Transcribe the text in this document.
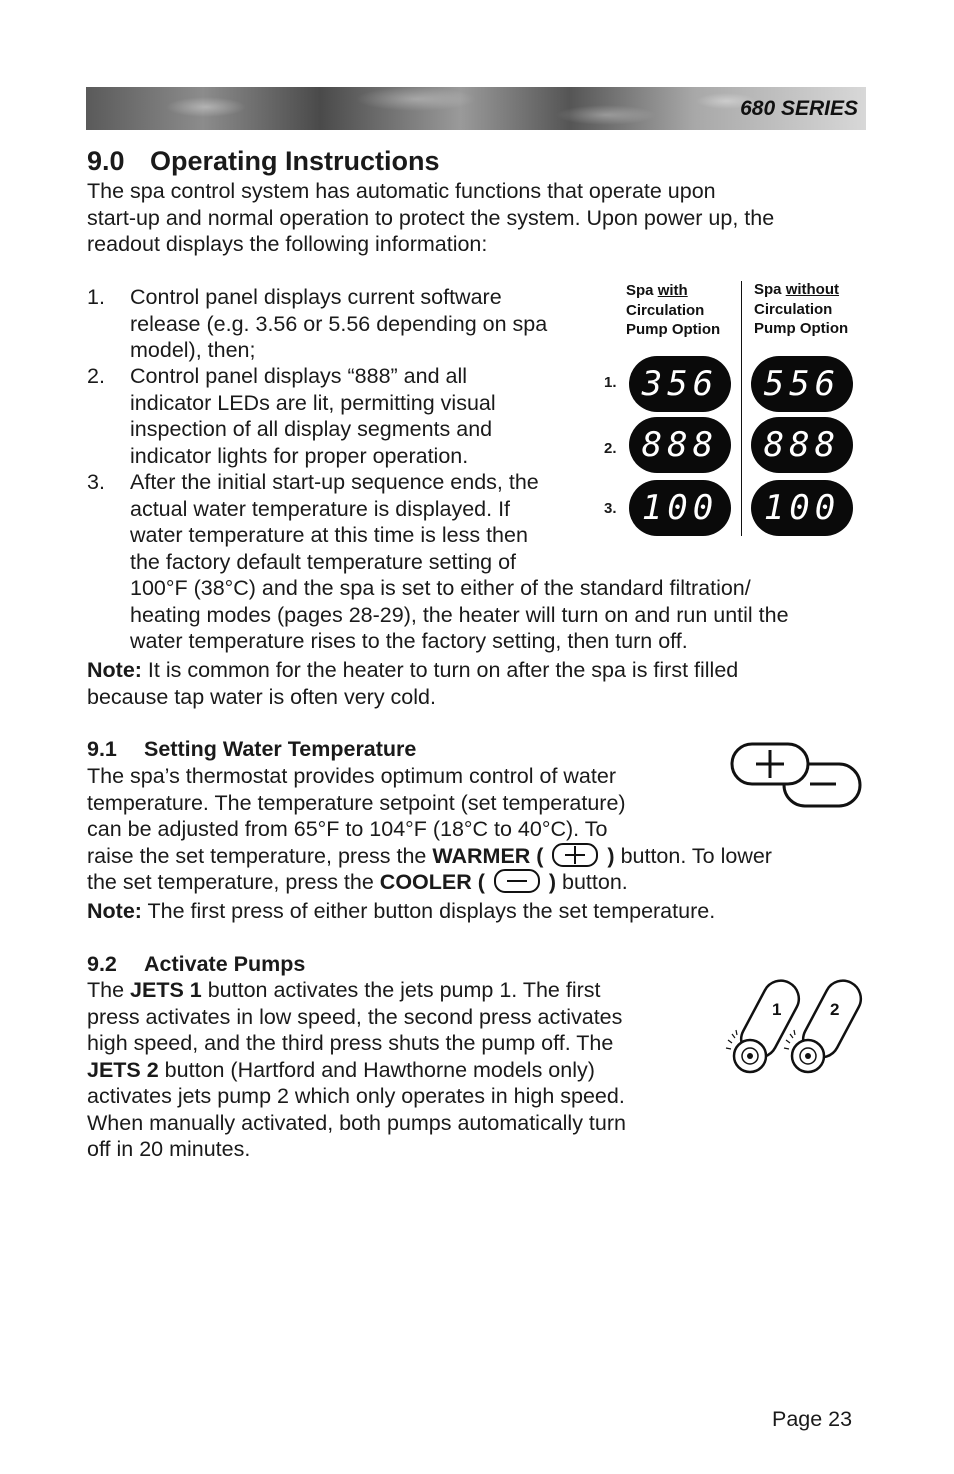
680 SERIES
9.0 Operating Instructions
The spa control system has automatic functions that operate upon
start-up and normal operation to protect the system. Upon power up, the
readout displays the following information:
1. Control panel displays current software
release (e.g. 3.56 or 5.56 depending on spa
model), then;
2. Control panel displays “888” and all
indicator LEDs are lit, permitting visual
inspection of all display segments and
indicator lights for proper operation.
3. After the initial start-up sequence ends, the
actual water temperature is displayed. If
water temperature at this time is less then
the factory default temperature setting of
100°F (38°C) and the spa is set to either of the standard filtration/
heating modes (pages 28-29), the heater will turn on and run until the
water temperature rises to the factory setting, then turn off.
Note: It is common for the heater to turn on after the spa is first filled
because tap water is often very cold.
Spa with
Circulation
Pump Option
Spa without
Circulation
Pump Option
1.
2.
3.
356	556
888	888
100	100
9.1 Setting Water Temperature
The spa’s thermostat provides optimum control of water
temperature. The temperature setpoint (set temperature)
can be adjusted from 65°F to 104°F (18°C to 40°C). To
raise the set temperature, press the WARMER (	) button. To lower
the set temperature, press the COOLER (	) button.
Note: The first press of either button displays the set temperature.
9.2 Activate Pumps
The JETS 1 button activates the jets pump 1. The first
press activates in low speed, the second press activates
high speed, and the third press shuts the pump off. The
JETS 2 button (Hartford and Hawthorne models only)
activates jets pump 2 which only operates in high speed.
When manually activated, both pumps automatically turn
off in 20 minutes.
1	2
Page 23
